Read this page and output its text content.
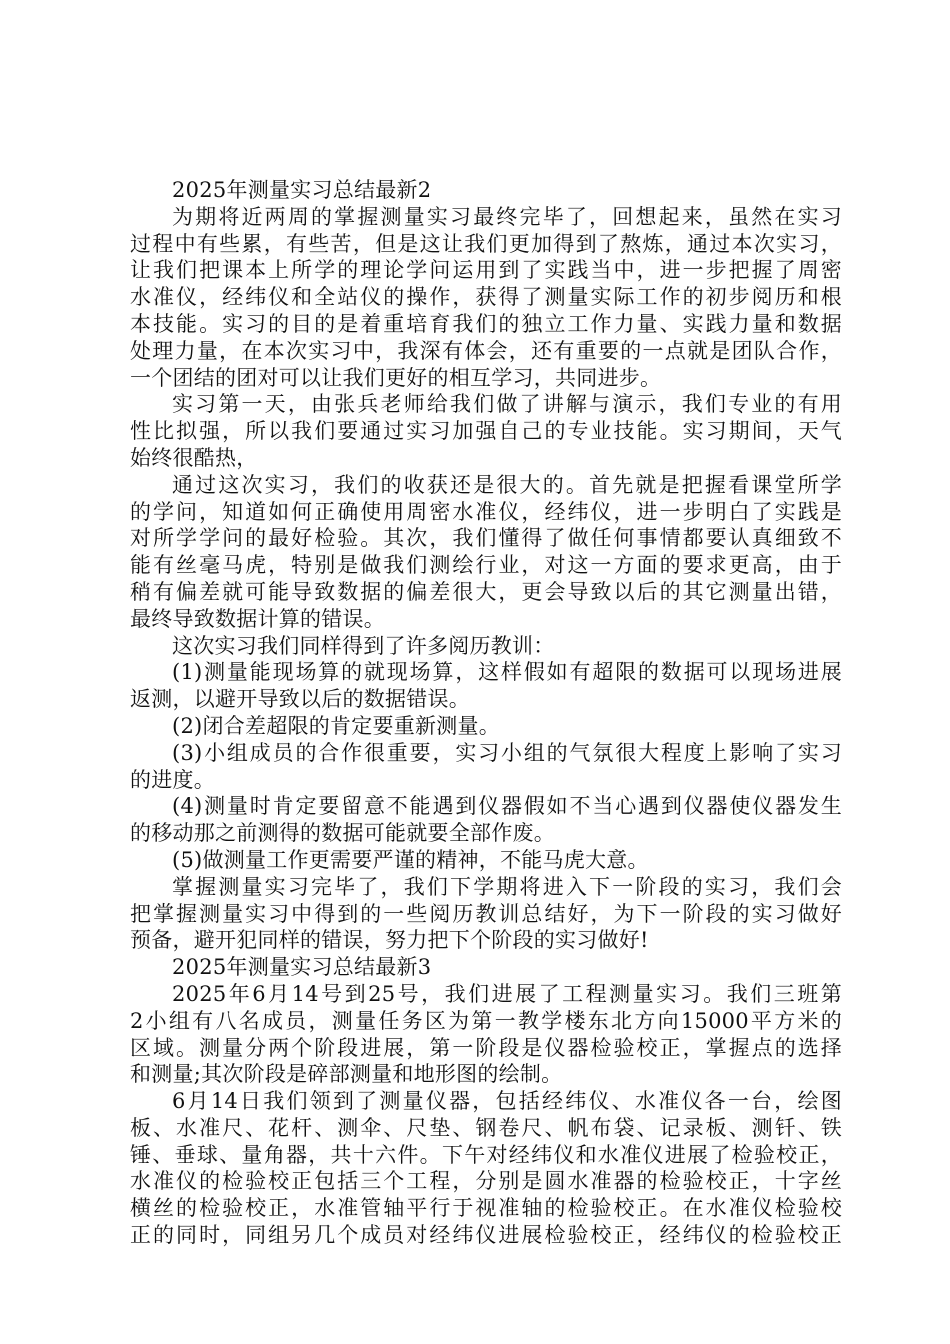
2025年测量实习总结最新2
为期将近两周的掌握测量实习最终完毕了，回想起来，虽然在实习
过程中有些累，有些苦，但是这让我们更加得到了熬炼，通过本次实习，
让我们把课本上所学的理论学问运用到了实践当中，进一步把握了周密
水准仪，经纬仪和全站仪的操作，获得了测量实际工作的初步阅历和根
本技能。实习的目的是着重培育我们的独立工作力量、实践力量和数据
处理力量，在本次实习中，我深有体会，还有重要的一点就是团队合作，
一个团结的团对可以让我们更好的相互学习，共同进步。
实习第一天，由张兵老师给我们做了讲解与演示，我们专业的有用
性比拟强，所以我们要通过实习加强自己的专业技能。实习期间，天气
始终很酷热，
通过这次实习，我们的收获还是很大的。首先就是把握看课堂所学
的学问，知道如何正确使用周密水准仪，经纬仪，进一步明白了实践是
对所学学问的最好检验。其次，我们懂得了做任何事情都要认真细致不
能有丝毫马虎，特别是做我们测绘行业，对这一方面的要求更高，由于
稍有偏差就可能导致数据的偏差很大，更会导致以后的其它测量出错，
最终导致数据计算的错误。
这次实习我们同样得到了许多阅历教训：
(1)测量能现场算的就现场算，这样假如有超限的数据可以现场进展
返测，以避开导致以后的数据错误。
(2)闭合差超限的肯定要重新测量。
(3)小组成员的合作很重要，实习小组的气氛很大程度上影响了实习
的进度。
(4)测量时肯定要留意不能遇到仪器假如不当心遇到仪器使仪器发生
的移动那之前测得的数据可能就要全部作废。
(5)做测量工作更需要严谨的精神，不能马虎大意。
掌握测量实习完毕了，我们下学期将进入下一阶段的实习，我们会
把掌握测量实习中得到的一些阅历教训总结好，为下一阶段的实习做好
预备，避开犯同样的错误，努力把下个阶段的实习做好!
2025年测量实习总结最新3
2025年6月14号到25号，我们进展了工程测量实习。我们三班第
2小组有八名成员，测量任务区为第一教学楼东北方向15000平方米的
区域。测量分两个阶段进展，第一阶段是仪器检验校正，掌握点的选择
和测量;其次阶段是碎部测量和地形图的绘制。
6月14日我们领到了测量仪器，包括经纬仪、水准仪各一台，绘图
板、水准尺、花杆、测伞、尺垫、钢卷尺、帆布袋、记录板、测钎、铁
锤、垂球、量角器，共十六件。下午对经纬仪和水准仪进展了检验校正，
水准仪的检验校正包括三个工程，分别是圆水准器的检验校正，十字丝
横丝的检验校正，水准管轴平行于视准轴的检验校正。在水准仪检验校
正的同时，同组另几个成员对经纬仪进展检验校正，经纬仪的检验校正
